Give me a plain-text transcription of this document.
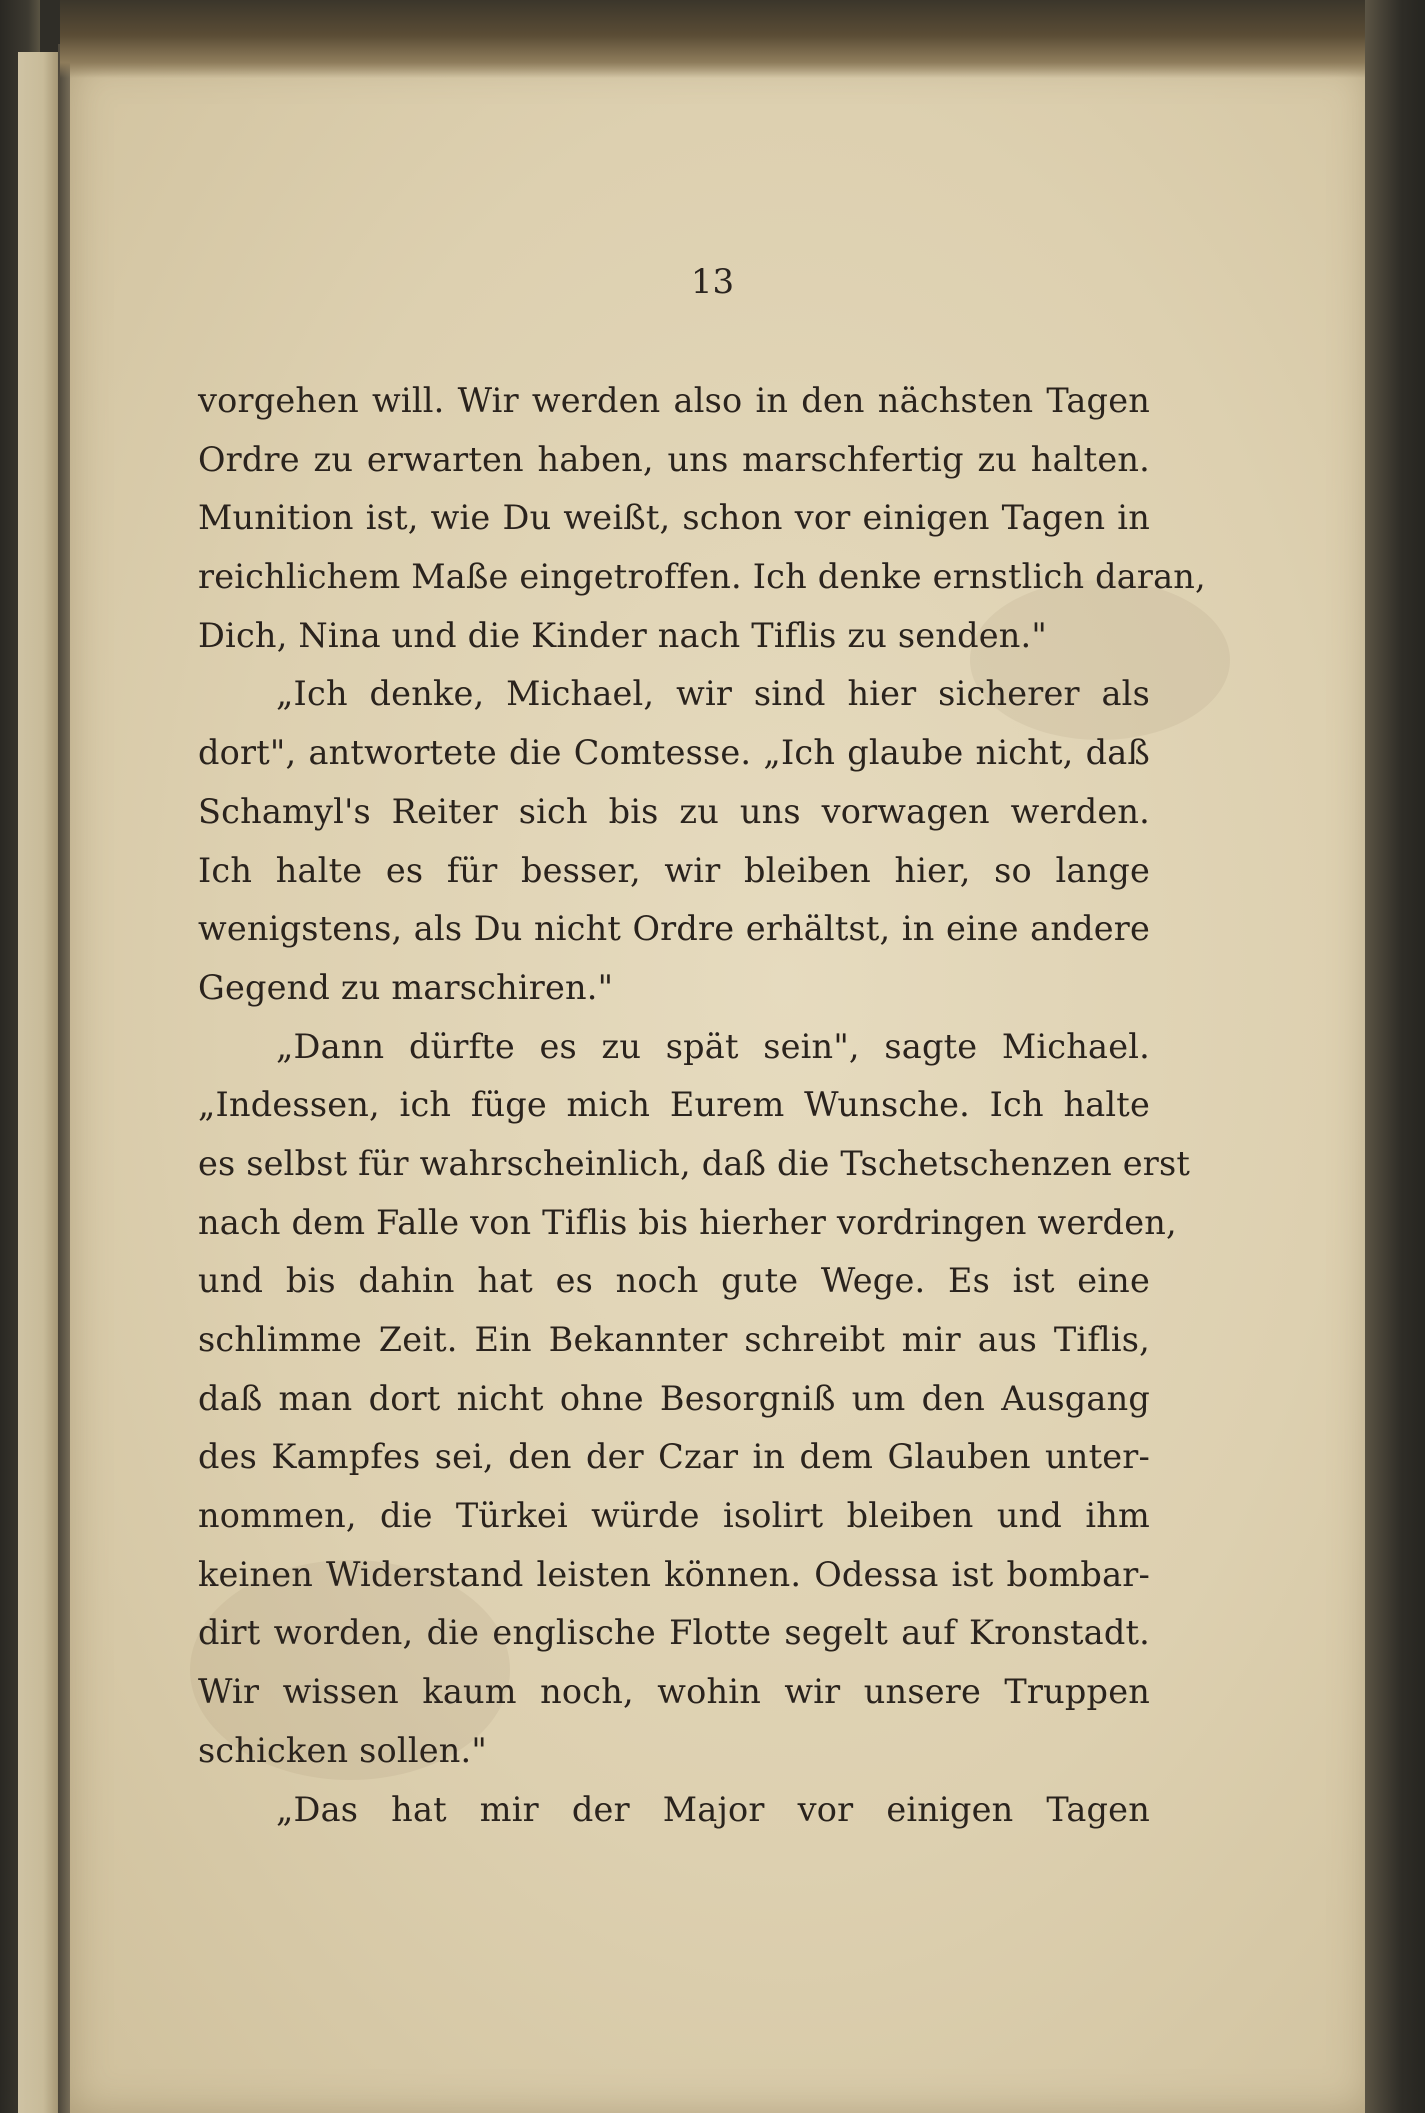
13

vorgehen will. Wir werden also in den nächsten Tagen
Ordre zu erwarten haben, uns marschfertig zu halten.
Munition ist, wie Du weißt, schon vor einigen Tagen in
reichlichem Maße eingetroffen. Ich denke ernstlich daran,
Dich, Nina und die Kinder nach Tiflis zu senden."
„Ich denke, Michael, wir sind hier sicherer als
dort", antwortete die Comtesse. „Ich glaube nicht, daß
Schamyl's Reiter sich bis zu uns vorwagen werden.
Ich halte es für besser, wir bleiben hier, so lange
wenigstens, als Du nicht Ordre erhältst, in eine andere
Gegend zu marschiren."
„Dann dürfte es zu spät sein", sagte Michael.
„Indessen, ich füge mich Eurem Wunsche. Ich halte
es selbst für wahrscheinlich, daß die Tschetschenzen erst
nach dem Falle von Tiflis bis hierher vordringen werden,
und bis dahin hat es noch gute Wege. Es ist eine
schlimme Zeit. Ein Bekannter schreibt mir aus Tiflis,
daß man dort nicht ohne Besorgniß um den Ausgang
des Kampfes sei, den der Czar in dem Glauben unter-
nommen, die Türkei würde isolirt bleiben und ihm
keinen Widerstand leisten können. Odessa ist bombar-
dirt worden, die englische Flotte segelt auf Kronstadt.
Wir wissen kaum noch, wohin wir unsere Truppen
schicken sollen."
„Das hat mir der Major vor einigen Tagen
